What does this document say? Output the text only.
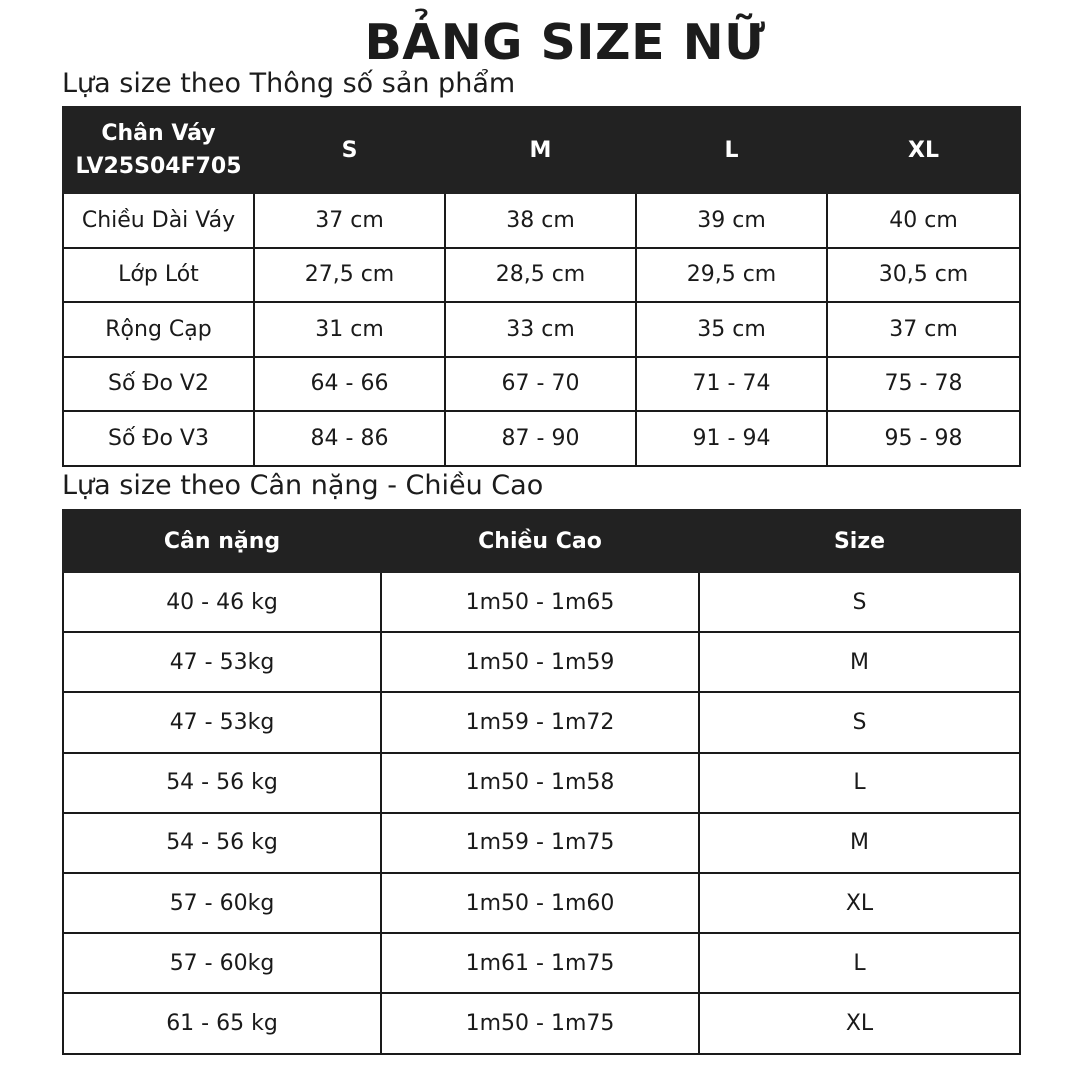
BẢNG SIZE NỮ
Lựa size theo Thông số sản phẩm
Chân Váy
LV25S04F705	S	M	L	XL
Chiều Dài Váy	37 cm	38 cm	39 cm	40 cm
Lớp Lót	27,5 cm	28,5 cm	29,5 cm	30,5 cm
Rộng Cạp	31 cm	33 cm	35 cm	37 cm
Số Đo V2	64 - 66	67 - 70	71 - 74	75 - 78
Số Đo V3	84 - 86	87 - 90	91 - 94	95 - 98
Lựa size theo Cân nặng - Chiều Cao
Cân nặng	Chiều Cao	Size
40 - 46 kg	1m50 - 1m65	S
47 - 53kg	1m50 - 1m59	M
47 - 53kg	1m59 - 1m72	S
54 - 56 kg	1m50 - 1m58	L
54 - 56 kg	1m59 - 1m75	M
57 - 60kg	1m50 - 1m60	XL
57 - 60kg	1m61 - 1m75	L
61 - 65 kg	1m50 - 1m75	XL
